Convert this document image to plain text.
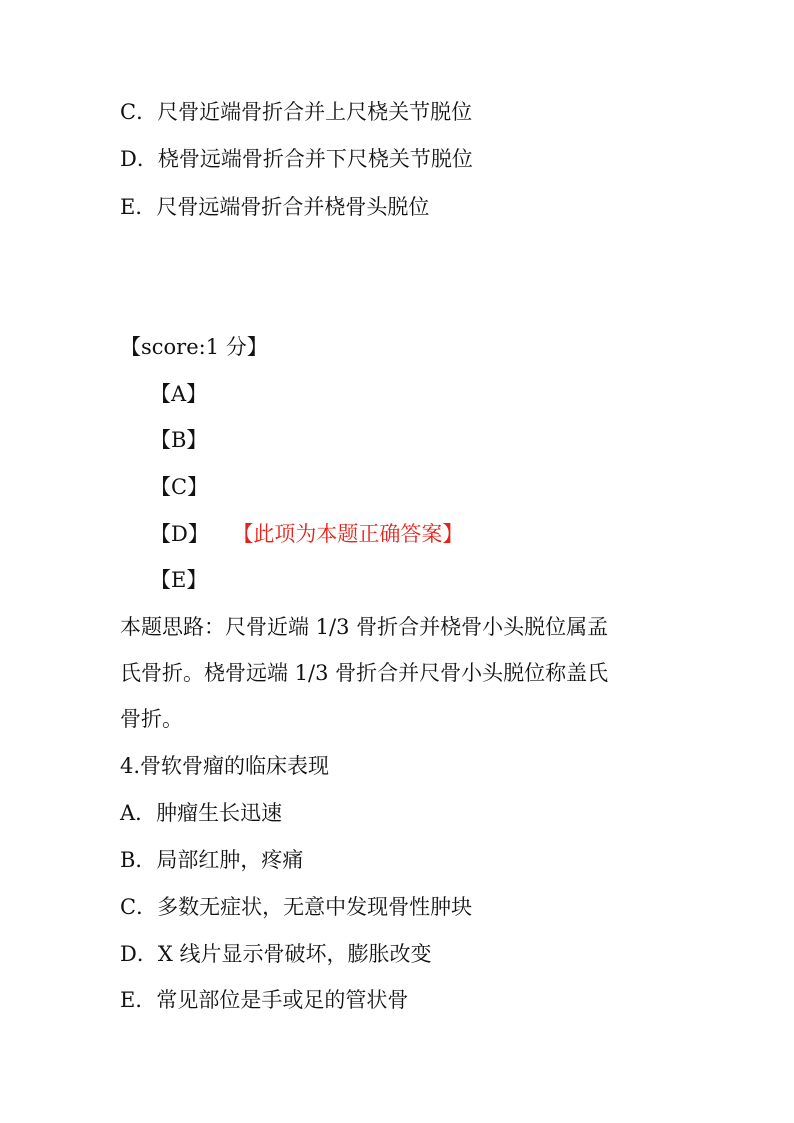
C．尺骨近端骨折合并上尺桡关节脱位
D．桡骨远端骨折合并下尺桡关节脱位
E．尺骨远端骨折合并桡骨头脱位
【score:1 分】
【A】
【B】
【C】
【D】 【此项为本题正确答案】
【E】
本题思路：尺骨近端 1/3 骨折合并桡骨小头脱位属孟
氏骨折。桡骨远端 1/3 骨折合并尺骨小头脱位称盖氏
骨折。
4.骨软骨瘤的临床表现
A．肿瘤生长迅速
B．局部红肿，疼痛
C．多数无症状，无意中发现骨性肿块
D．X 线片显示骨破坏，膨胀改变
E．常见部位是手或足的管状骨
